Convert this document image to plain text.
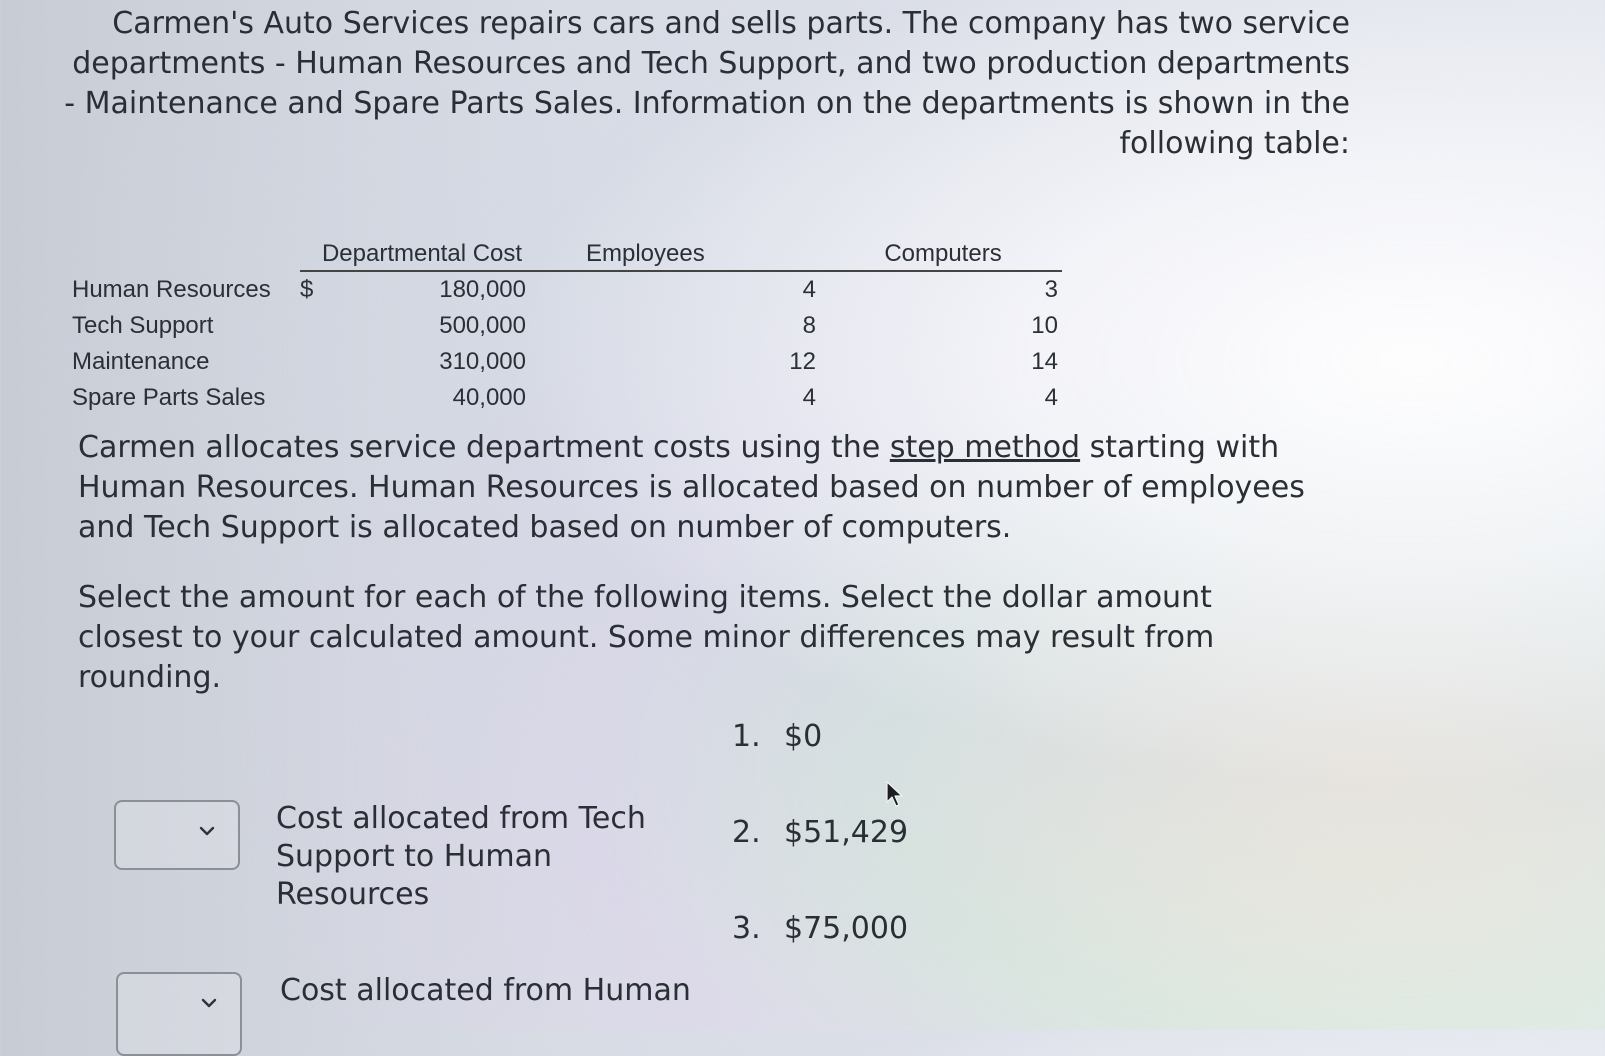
Carmen's Auto Services repairs cars and sells parts. The company has two service departments - Human Resources and Tech Support, and two production departments - Maintenance and Spare Parts Sales. Information on the departments is shown in the following table:

	Departmental Cost		Employees	Computers
Human Resources	$	180,000	4	3
Tech Support		500,000	8	10
Maintenance		310,000	12	14
Spare Parts Sales		40,000	4	4

Carmen allocates service department costs using the step method starting with Human Resources. Human Resources is allocated based on number of employees and Tech Support is allocated based on number of computers.

Select the amount for each of the following items. Select the dollar amount closest to your calculated amount. Some minor differences may result from rounding.

1. $0
2. $51,429
3. $75,000
Cost allocated from Tech Support to Human Resources
Cost allocated from Human
